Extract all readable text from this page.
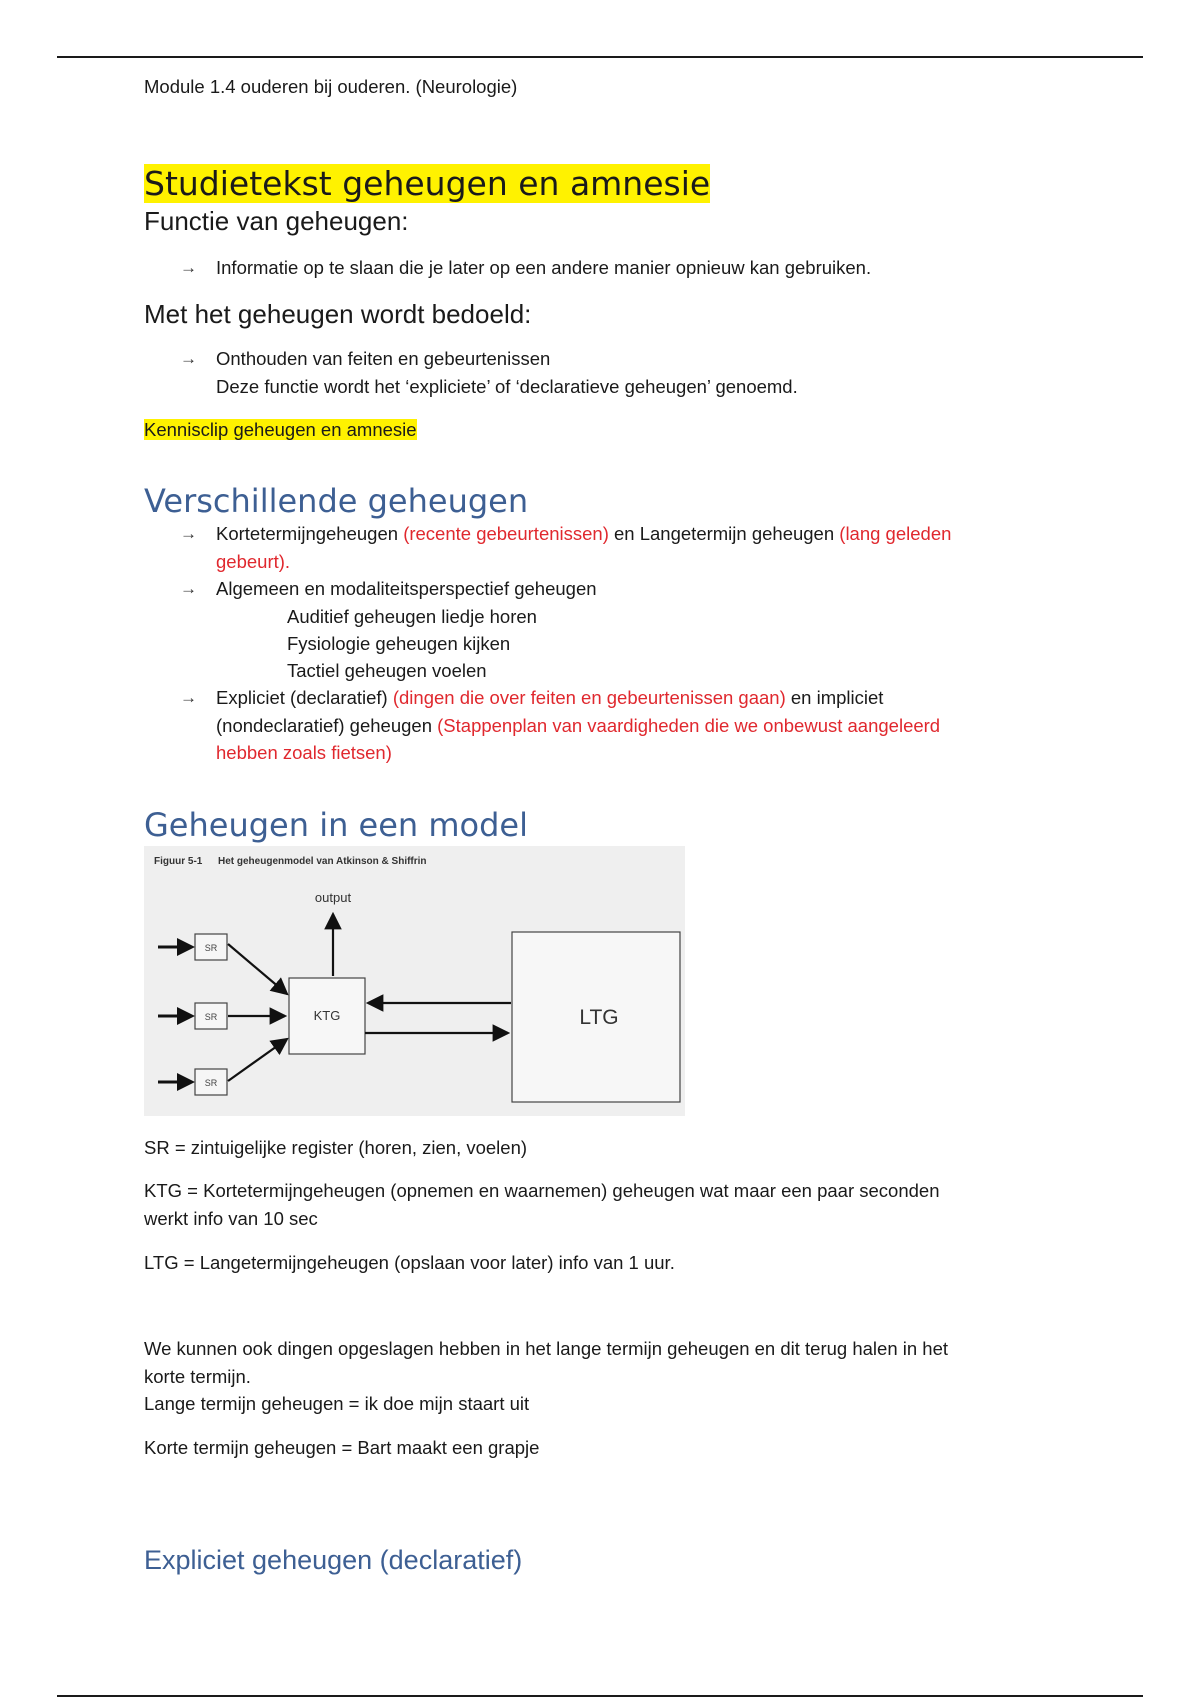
Module 1.4 ouderen bij ouderen. (Neurologie)
Studietekst geheugen en amnesie
Functie van geheugen:
→ Informatie op te slaan die je later op een andere manier opnieuw kan gebruiken.
Met het geheugen wordt bedoeld:
→ Onthouden van feiten en gebeurtenissen
Deze functie wordt het ‘expliciete’ of ‘declaratieve geheugen’ genoemd.
Kennisclip geheugen en amnesie
Verschillende geheugen
→ Kortetermijngeheugen (recente gebeurtenissen) en Langetermijn geheugen (lang geleden
gebeurt).
→ Algemeen en modaliteitsperspectief geheugen
Auditief geheugen liedje horen
Fysiologie geheugen kijken
Tactiel geheugen voelen
→ Expliciet (declaratief) (dingen die over feiten en gebeurtenissen gaan) en impliciet
(nondeclaratief) geheugen (Stappenplan van vaardigheden die we onbewust aangeleerd
hebben zoals fietsen)
Geheugen in een model
Figuur 5-1 Het geheugenmodel van Atkinson & Shiffrin
SR
SR
SR
KTG
output
LTG
SR = zintuigelijke register (horen, zien, voelen)
KTG = Kortetermijngeheugen (opnemen en waarnemen) geheugen wat maar een paar seconden
werkt info van 10 sec
LTG = Langetermijngeheugen (opslaan voor later) info van 1 uur.
We kunnen ook dingen opgeslagen hebben in het lange termijn geheugen en dit terug halen in het
korte termijn.
Lange termijn geheugen = ik doe mijn staart uit
Korte termijn geheugen = Bart maakt een grapje
Expliciet geheugen (declaratief)
